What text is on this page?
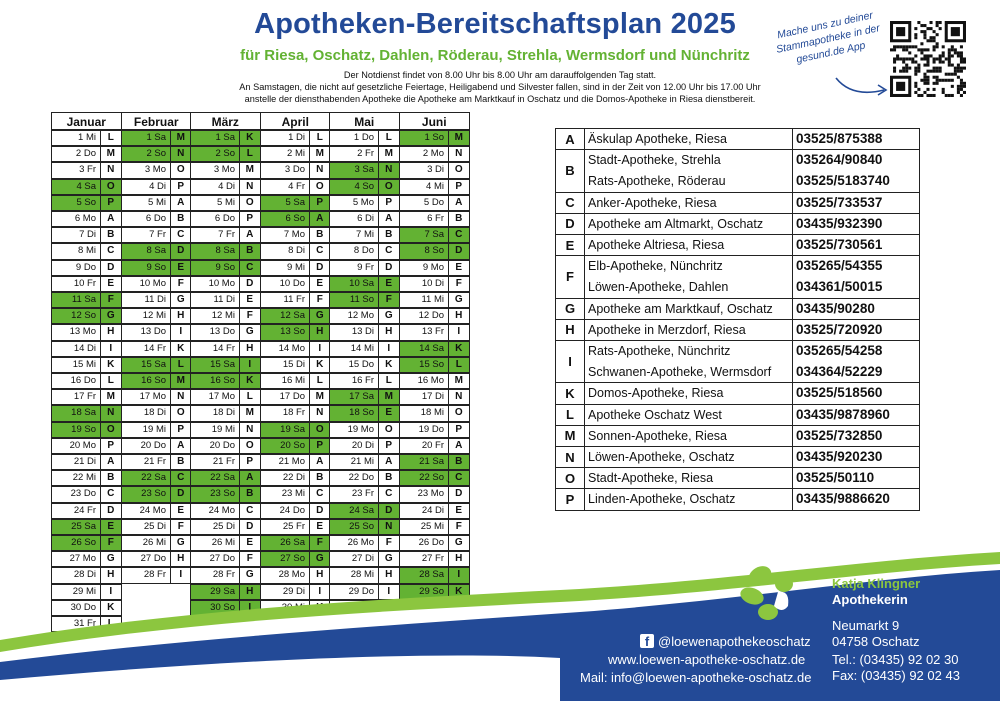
Apotheken-Bereitschaftsplan 2025
für Riesa, Oschatz, Dahlen, Röderau, Strehla, Wermsdorf und Nünchritz
Der Notdienst findet von 8.00 Uhr bis 8.00 Uhr am darauffolgenden Tag statt.
An Samstagen, die nicht auf gesetzliche Feiertage, Heiligabend und Silvester fallen, sind in der Zeit von 12.00 Uhr bis 17.00 Uhr
anstelle der diensthabenden Apotheke die Apotheke am Marktkauf in Oschatz und die Domos-Apotheke in Riesa dienstbereit.
Mache uns zu deiner Stammapotheke in der gesund.de App
Januar
1 Mi	L
2 Do	M
3 Fr	N
4 Sa	O
5 So	P
6 Mo	A
7 Di	B
8 Mi	C
9 Do	D
10 Fr	E
11 Sa	F
12 So	G
13 Mo	H
14 Di	I
15 Mi	K
16 Do	L
17 Fr	M
18 Sa	N
19 So	O
20 Mo	P
21 Di	A
22 Mi	B
23 Do	C
24 Fr	D
25 Sa	E
26 So	F
27 Mo	G
28 Di	H
29 Mi	I
30 Do	K
31 Fr	L
Februar
1 Sa	M
2 So	N
3 Mo	O
4 Di	P
5 Mi	A
6 Do	B
7 Fr	C
8 Sa	D
9 So	E
10 Mo	F
11 Di	G
12 Mi	H
13 Do	I
14 Fr	K
15 Sa	L
16 So	M
17 Mo	N
18 Di	O
19 Mi	P
20 Do	A
21 Fr	B
22 Sa	C
23 So	D
24 Mo	E
25 Di	F
26 Mi	G
27 Do	H
28 Fr	I
März
1 Sa	K
2 So	L
3 Mo	M
4 Di	N
5 Mi	O
6 Do	P
7 Fr	A
8 Sa	B
9 So	C
10 Mo	D
11 Di	E
12 Mi	F
13 Do	G
14 Fr	H
15 Sa	I
16 So	K
17 Mo	L
18 Di	M
19 Mi	N
20 Do	O
21 Fr	P
22 Sa	A
23 So	B
24 Mo	C
25 Di	D
26 Mi	E
27 Do	F
28 Fr	G
29 Sa	H
30 So	I
April
1 Di	L
2 Mi	M
3 Do	N
4 Fr	O
5 Sa	P
6 So	A
7 Mo	B
8 Di	C
9 Mi	D
10 Do	E
11 Fr	F
12 Sa	G
13 So	H
14 Mo	I
15 Di	K
16 Mi	L
17 Do	M
18 Fr	N
19 Sa	O
20 So	P
21 Mo	A
22 Di	B
23 Mi	C
24 Do	D
25 Fr	E
26 Sa	F
27 So	G
28 Mo	H
29 Di	I
Mai
1 Do	L
2 Fr	M
3 Sa	N
4 So	O
5 Mo	P
6 Di	A
7 Mi	B
8 Do	C
9 Fr	D
10 Sa	E
11 So	F
12 Mo	G
13 Di	H
14 Mi	I
15 Do	K
16 Fr	L
17 Sa	M
18 So	E
19 Mo	O
20 Di	P
21 Mi	A
22 Do	B
23 Fr	C
24 Sa	D
25 So	N
26 Mo	F
27 Di	G
28 Mi	H
29 Do	I
Juni
1 So	M
2 Mo	N
3 Di	O
4 Mi	P
5 Do	A
6 Fr	B
7 Sa	C
8 So	D
9 Mo	E
10 Di	F
11 Mi	G
12 Do	H
13 Fr	I
14 Sa	K
15 So	L
16 Mo	M
17 Di	N
18 Mi	O
19 Do	P
20 Fr	A
21 Sa	B
22 So	C
23 Mo	D
24 Di	E
25 Mi	F
26 Do	G
27 Fr	H
28 Sa	I
29 So	K
A	Äskulap Apotheke, Riesa	03525/875388
B
Stadt-Apotheke, Strehla	035264/90840
Rats-Apotheke, Röderau	03525/5183740
C	Anker-Apotheke, Riesa	03525/733537
D	Apotheke am Altmarkt, Oschatz 03435/932390
E	Apotheke Altriesa, Riesa	03525/730561
F
Elb-Apotheke, Nünchritz	035265/54355
Löwen-Apotheke, Dahlen	034361/50015
G	Apotheke am Marktkauf, Oschatz 03435/90280
H	Apotheke in Merzdorf, Riesa	03525/720920
I
Rats-Apotheke, Nünchritz	035265/54258
Schwanen-Apotheke, Wermsdorf 034364/52229
K	Domos-Apotheke, Riesa	03525/518560
L	Apotheke Oschatz West	03435/9878960
M	Sonnen-Apotheke, Riesa	03525/732850
N	Löwen-Apotheke, Oschatz	03435/920230
O	Stadt-Apotheke, Riesa	03525/50110
P	Linden-Apotheke, Oschatz	03435/9886620
f @loewenapothekeoschatz
www.loewen-apotheke-oschatz.de
Mail: info@loewen-apotheke-oschatz.de
Katja Klingner
Apothekerin
Neumarkt 9
04758 Oschatz
Tel.: (03435) 92 02 30
Fax: (03435) 92 02 43
